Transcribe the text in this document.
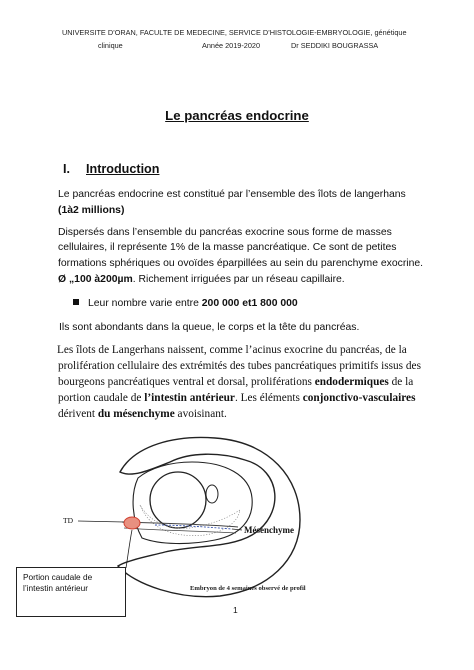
UNIVERSITE D’ORAN, FACULTE DE MEDECINE, SERVICE D’HISTOLOGIE-EMBRYOLOGIE, génétique
clinique	Année 2019-2020	Dr SEDDIKI BOUGRASSA
Le pancréas endocrine
I. Introduction
Le pancréas endocrine est constitué par l’ensemble des îlots de langerhans
(1à2 millions)
Dispersés dans l’ensemble du pancréas exocrine sous forme de masses
cellulaires, il représente 1% de la masse pancréatique. Ce sont de petites
formations sphériques ou ovoïdes éparpillées au sein du parenchyme exocrine.
Ø „100 à200µm. Richement irriguées par un réseau capillaire.
Leur nombre varie entre 200 000 et1 800 000
Ils sont abondants dans la queue, le corps et la tête du pancréas.
Les îlots de Langerhans naissent, comme l’acinus exocrine du pancréas, de la
prolifération cellulaire des extrémités des tubes pancréatiques primitifs issus des
bourgeons pancréatiques ventral et dorsal, proliférations endodermiques de la
portion caudale de l’intestin antérieur. Les éléments conjonctivo-vasculaires
dérivent du mésenchyme avoisinant.
TD
Mésenchyme
Portion caudale de
l’intestin antérieur	Embryon de 4 semaines observé de profil
1
